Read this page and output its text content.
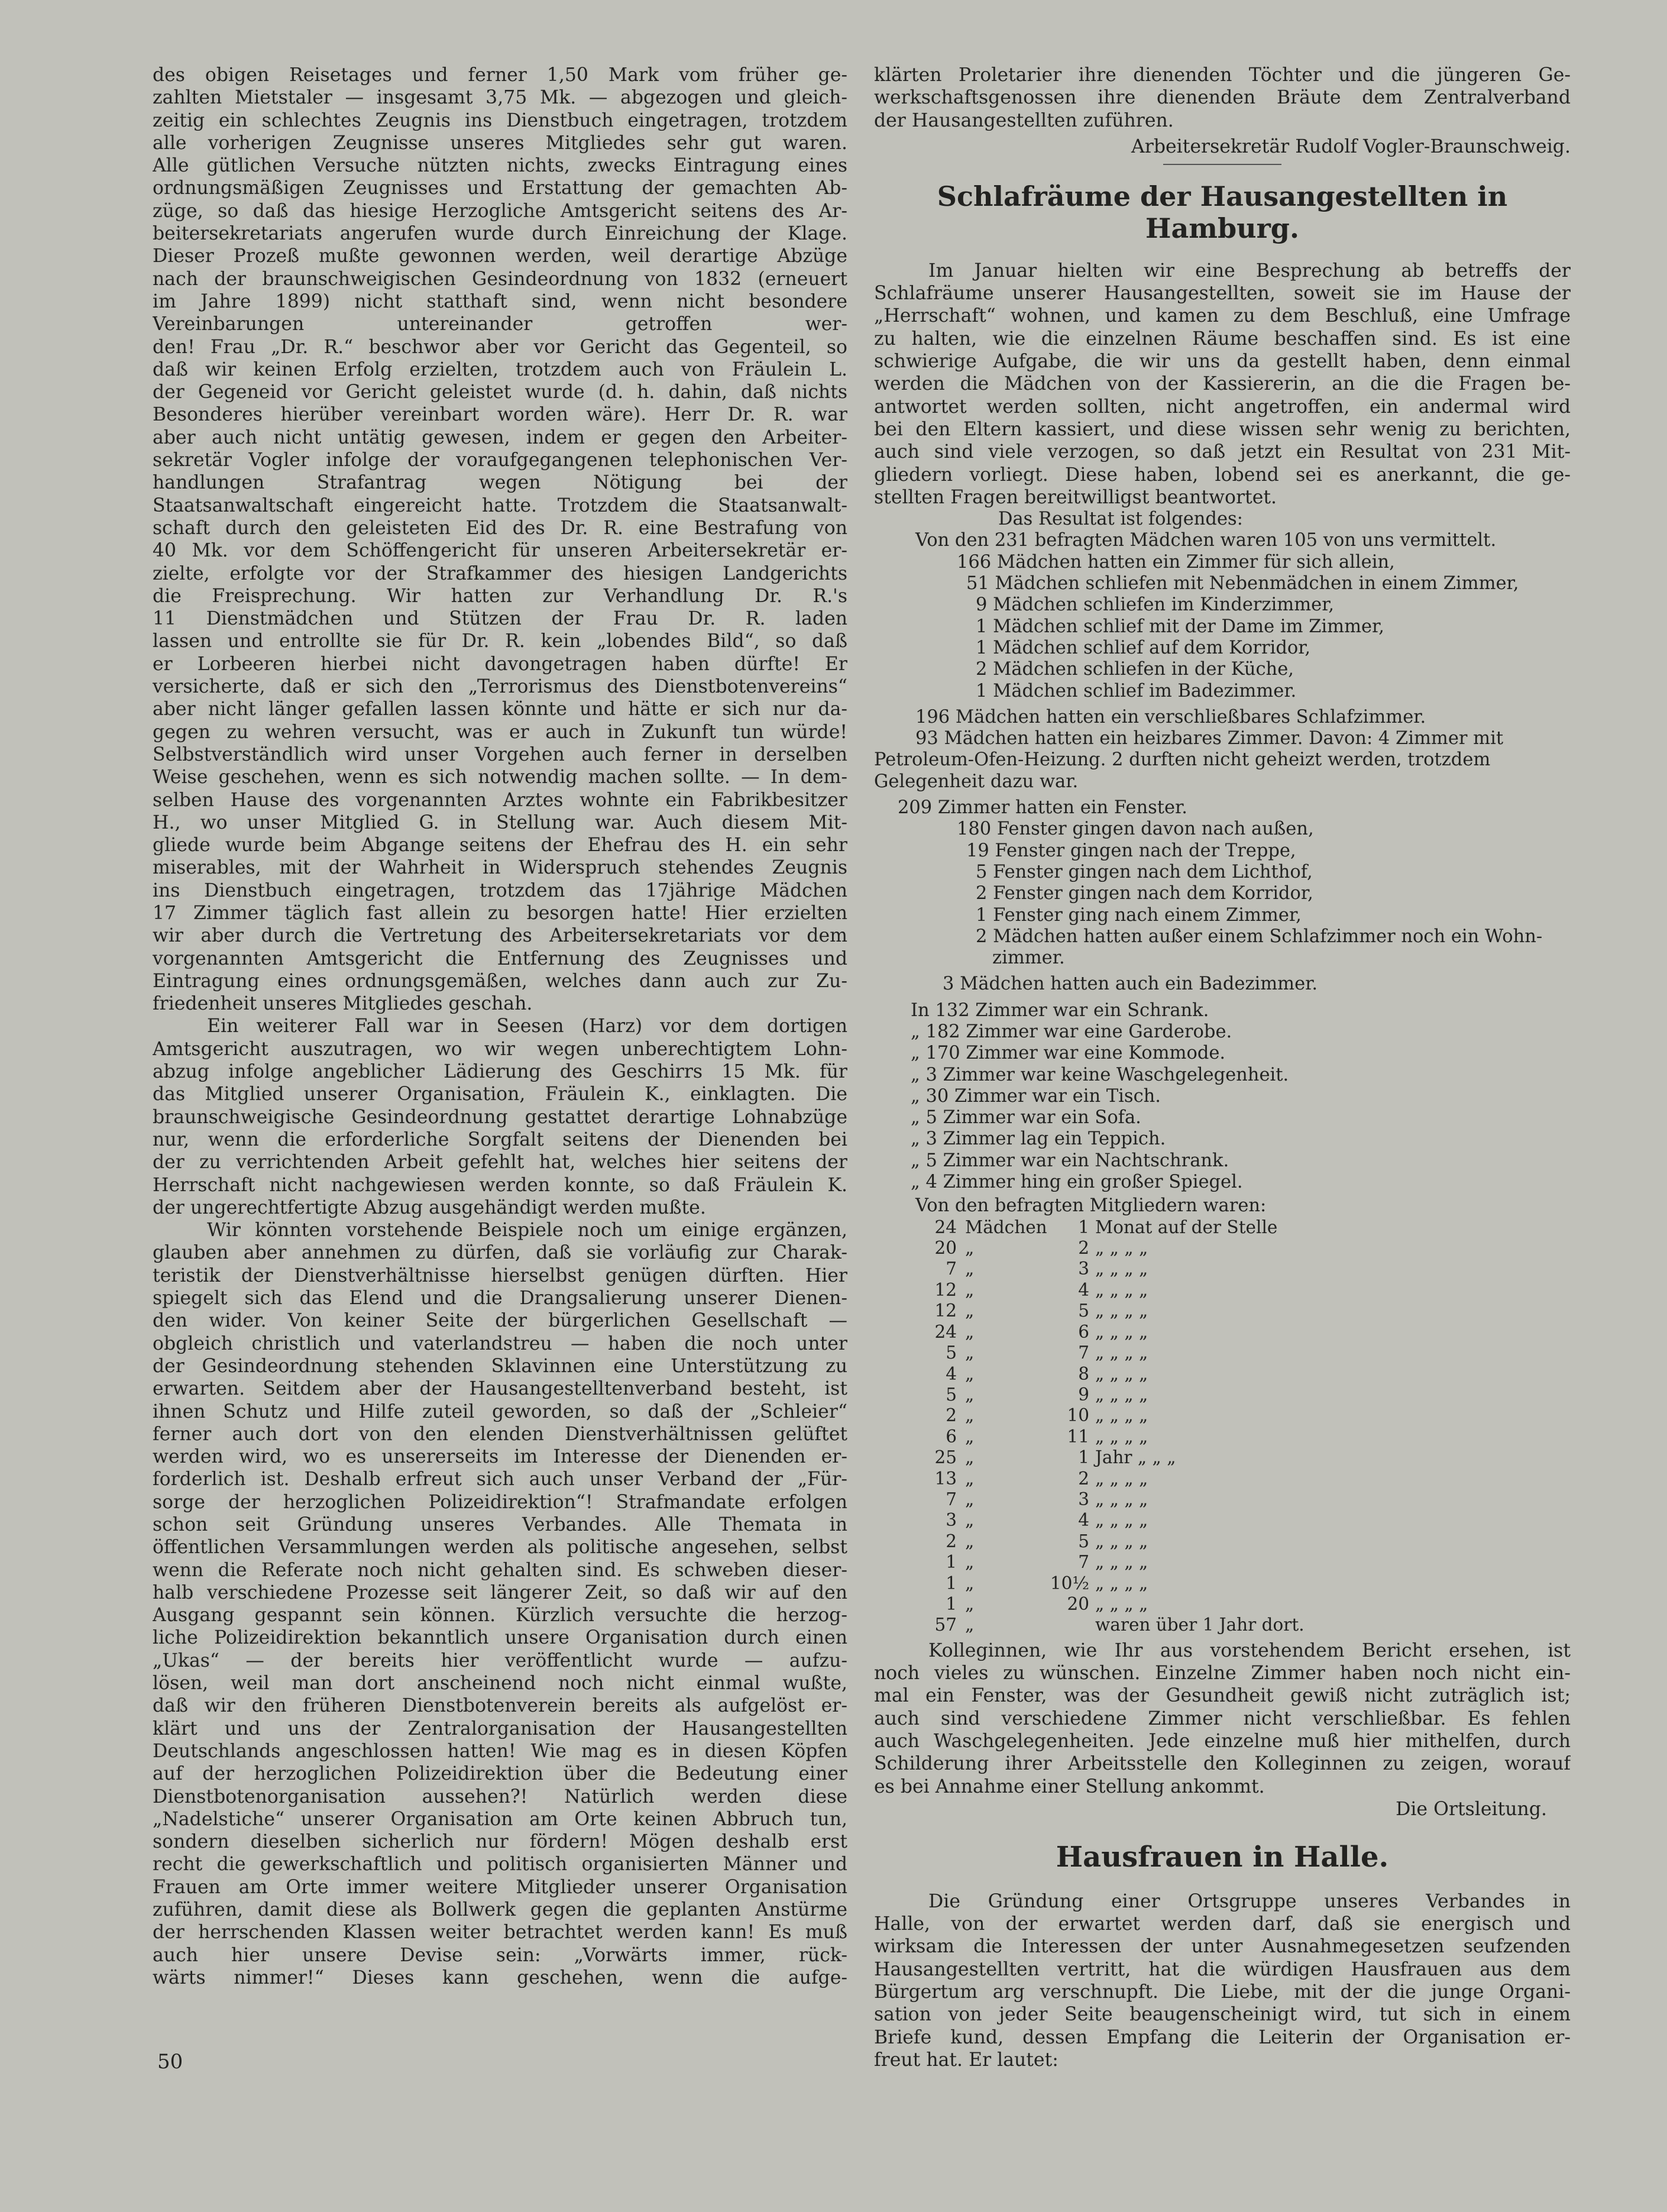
des obigen Reisetages und ferner 1,50 Mark vom früher ge-
zahlten Mietstaler — insgesamt 3,75 Mk. — abgezogen und gleich-
zeitig ein schlechtes Zeugnis ins Dienstbuch eingetragen, trotzdem
alle vorherigen Zeugnisse unseres Mitgliedes sehr gut waren.
Alle gütlichen Versuche nützten nichts, zwecks Eintragung eines
ordnungsmäßigen Zeugnisses und Erstattung der gemachten Ab-
züge, so daß das hiesige Herzogliche Amtsgericht seitens des Ar-
beitersekretariats angerufen wurde durch Einreichung der Klage.
Dieser Prozeß mußte gewonnen werden, weil derartige Abzüge
nach der braunschweigischen Gesindeordnung von 1832 (erneuert
im Jahre 1899) nicht statthaft sind, wenn nicht besondere
Vereinbarungen untereinander getroffen wer-
den! Frau „Dr. R.“ beschwor aber vor Gericht das Gegenteil, so
daß wir keinen Erfolg erzielten, trotzdem auch von Fräulein L.
der Gegeneid vor Gericht geleistet wurde (d. h. dahin, daß nichts
Besonderes hierüber vereinbart worden wäre). Herr Dr. R. war
aber auch nicht untätig gewesen, indem er gegen den Arbeiter-
sekretär Vogler infolge der voraufgegangenen telephonischen Ver-
handlungen Strafantrag wegen Nötigung bei der
Staatsanwaltschaft eingereicht hatte. Trotzdem die Staatsanwalt-
schaft durch den geleisteten Eid des Dr. R. eine Bestrafung von
40 Mk. vor dem Schöffengericht für unseren Arbeitersekretär er-
zielte, erfolgte vor der Strafkammer des hiesigen Landgerichts
die Freisprechung. Wir hatten zur Verhandlung Dr. R.'s
11 Dienstmädchen und Stützen der Frau Dr. R. laden
lassen und entrollte sie für Dr. R. kein „lobendes Bild“, so daß
er Lorbeeren hierbei nicht davongetragen haben dürfte! Er
versicherte, daß er sich den „Terrorismus des Dienstbotenvereins“
aber nicht länger gefallen lassen könnte und hätte er sich nur da-
gegen zu wehren versucht, was er auch in Zukunft tun würde!
Selbstverständlich wird unser Vorgehen auch ferner in derselben
Weise geschehen, wenn es sich notwendig machen sollte. — In dem-
selben Hause des vorgenannten Arztes wohnte ein Fabrikbesitzer
H., wo unser Mitglied G. in Stellung war. Auch diesem Mit-
gliede wurde beim Abgange seitens der Ehefrau des H. ein sehr
miserables, mit der Wahrheit in Widerspruch stehendes Zeugnis
ins Dienstbuch eingetragen, trotzdem das 17jährige Mädchen
17 Zimmer täglich fast allein zu besorgen hatte! Hier erzielten
wir aber durch die Vertretung des Arbeitersekretariats vor dem
vorgenannten Amtsgericht die Entfernung des Zeugnisses und
Eintragung eines ordnungsgemäßen, welches dann auch zur Zu-
friedenheit unseres Mitgliedes geschah.
Ein weiterer Fall war in Seesen (Harz) vor dem dortigen
Amtsgericht auszutragen, wo wir wegen unberechtigtem Lohn-
abzug infolge angeblicher Lädierung des Geschirrs 15 Mk. für
das Mitglied unserer Organisation, Fräulein K., einklagten. Die
braunschweigische Gesindeordnung gestattet derartige Lohnabzüge
nur, wenn die erforderliche Sorgfalt seitens der Dienenden bei
der zu verrichtenden Arbeit gefehlt hat, welches hier seitens der
Herrschaft nicht nachgewiesen werden konnte, so daß Fräulein K.
der ungerechtfertigte Abzug ausgehändigt werden mußte.
Wir könnten vorstehende Beispiele noch um einige ergänzen,
glauben aber annehmen zu dürfen, daß sie vorläufig zur Charak-
teristik der Dienstverhältnisse hierselbst genügen dürften. Hier
spiegelt sich das Elend und die Drangsalierung unserer Dienen-
den wider. Von keiner Seite der bürgerlichen Gesellschaft —
obgleich christlich und vaterlandstreu — haben die noch unter
der Gesindeordnung stehenden Sklavinnen eine Unterstützung zu
erwarten. Seitdem aber der Hausangestelltenverband besteht, ist
ihnen Schutz und Hilfe zuteil geworden, so daß der „Schleier“
ferner auch dort von den elenden Dienstverhältnissen gelüftet
werden wird, wo es unsererseits im Interesse der Dienenden er-
forderlich ist. Deshalb erfreut sich auch unser Verband der „Für-
sorge der herzoglichen Polizeidirektion“! Strafmandate erfolgen
schon seit Gründung unseres Verbandes. Alle Themata in
öffentlichen Versammlungen werden als politische angesehen, selbst
wenn die Referate noch nicht gehalten sind. Es schweben dieser-
halb verschiedene Prozesse seit längerer Zeit, so daß wir auf den
Ausgang gespannt sein können. Kürzlich versuchte die herzog-
liche Polizeidirektion bekanntlich unsere Organisation durch einen
„Ukas“ — der bereits hier veröffentlicht wurde — aufzu-
lösen, weil man dort anscheinend noch nicht einmal wußte,
daß wir den früheren Dienstbotenverein bereits als aufgelöst er-
klärt und uns der Zentralorganisation der Hausangestellten
Deutschlands angeschlossen hatten! Wie mag es in diesen Köpfen
auf der herzoglichen Polizeidirektion über die Bedeutung einer
Dienstbotenorganisation aussehen?! Natürlich werden diese
„Nadelstiche“ unserer Organisation am Orte keinen Abbruch tun,
sondern dieselben sicherlich nur fördern! Mögen deshalb erst
recht die gewerkschaftlich und politisch organisierten Männer und
Frauen am Orte immer weitere Mitglieder unserer Organisation
zuführen, damit diese als Bollwerk gegen die geplanten Anstürme
der herrschenden Klassen weiter betrachtet werden kann! Es muß
auch hier unsere Devise sein: „Vorwärts immer, rück-
wärts nimmer!“ Dieses kann geschehen, wenn die aufge-
klärten Proletarier ihre dienenden Töchter und die jüngeren Ge-
werkschaftsgenossen ihre dienenden Bräute dem Zentralverband
der Hausangestellten zuführen.
Arbeitersekretär Rudolf Vogler-Braunschweig.
Schlafräume der Hausangestellten in Hamburg.
Im Januar hielten wir eine Besprechung ab betreffs der
Schlafräume unserer Hausangestellten, soweit sie im Hause der
„Herrschaft“ wohnen, und kamen zu dem Beschluß, eine Umfrage
zu halten, wie die einzelnen Räume beschaffen sind. Es ist eine
schwierige Aufgabe, die wir uns da gestellt haben, denn einmal
werden die Mädchen von der Kassiererin, an die die Fragen be-
antwortet werden sollten, nicht angetroffen, ein andermal wird
bei den Eltern kassiert, und diese wissen sehr wenig zu berichten,
auch sind viele verzogen, so daß jetzt ein Resultat von 231 Mit-
gliedern vorliegt. Diese haben, lobend sei es anerkannt, die ge-
stellten Fragen bereitwilligst beantwortet.
Das Resultat ist folgendes:
Von den 231 befragten Mädchen waren 105 von uns vermittelt.
166 Mädchen hatten ein Zimmer für sich allein,
51 Mädchen schliefen mit Nebenmädchen in einem Zimmer,
9 Mädchen schliefen im Kinderzimmer,
1 Mädchen schlief mit der Dame im Zimmer,
1 Mädchen schlief auf dem Korridor,
2 Mädchen schliefen in der Küche,
1 Mädchen schlief im Badezimmer.
196 Mädchen hatten ein verschließbares Schlafzimmer.
93 Mädchen hatten ein heizbares Zimmer. Davon: 4 Zimmer mit
Petroleum-Ofen-Heizung. 2 durften nicht geheizt werden, trotzdem
Gelegenheit dazu war.
209 Zimmer hatten ein Fenster.
180 Fenster gingen davon nach außen,
19 Fenster gingen nach der Treppe,
5 Fenster gingen nach dem Lichthof,
2 Fenster gingen nach dem Korridor,
1 Fenster ging nach einem Zimmer,
2 Mädchen hatten außer einem Schlafzimmer noch ein Wohn-
zimmer.
3 Mädchen hatten auch ein Badezimmer.
In 132 Zimmer war ein Schrank.
„ 182 Zimmer war eine Garderobe.
„ 170 Zimmer war eine Kommode.
„ 3 Zimmer war keine Waschgelegenheit.
„ 30 Zimmer war ein Tisch.
„ 5 Zimmer war ein Sofa.
„ 3 Zimmer lag ein Teppich.
„ 5 Zimmer war ein Nachtschrank.
„ 4 Zimmer hing ein großer Spiegel.
Von den befragten Mitgliedern waren:
24 Mädchen	1 Monat auf der Stelle
20 „	2 „ „ „ „
7 „	3 „ „ „ „
12 „	4 „ „ „ „
12 „	5 „ „ „ „
24 „	6 „ „ „ „
5 „	7 „ „ „ „
4 „	8 „ „ „ „
5 „	9 „ „ „ „
2 „	10 „ „ „ „
6 „	11 „ „ „ „
25 „	1 Jahr „ „ „
13 „	2 „ „ „ „
7 „	3 „ „ „ „
3 „	4 „ „ „ „
2 „	5 „ „ „ „
1 „	7 „ „ „ „
1 „	10½ „ „ „ „
1 „	20 „ „ „ „
57 „	waren über 1 Jahr dort.
Kolleginnen, wie Ihr aus vorstehendem Bericht ersehen, ist
noch vieles zu wünschen. Einzelne Zimmer haben noch nicht ein-
mal ein Fenster, was der Gesundheit gewiß nicht zuträglich ist;
auch sind verschiedene Zimmer nicht verschließbar. Es fehlen
auch Waschgelegenheiten. Jede einzelne muß hier mithelfen, durch
Schilderung ihrer Arbeitsstelle den Kolleginnen zu zeigen, worauf
es bei Annahme einer Stellung ankommt.
Die Ortsleitung.
Hausfrauen in Halle.
Die Gründung einer Ortsgruppe unseres Verbandes in
Halle, von der erwartet werden darf, daß sie energisch und
wirksam die Interessen der unter Ausnahmegesetzen seufzenden
Hausangestellten vertritt, hat die würdigen Hausfrauen aus dem
Bürgertum arg verschnupft. Die Liebe, mit der die junge Organi-
sation von jeder Seite beaugenscheinigt wird, tut sich in einem
Briefe kund, dessen Empfang die Leiterin der Organisation er-
freut hat. Er lautet:
50
